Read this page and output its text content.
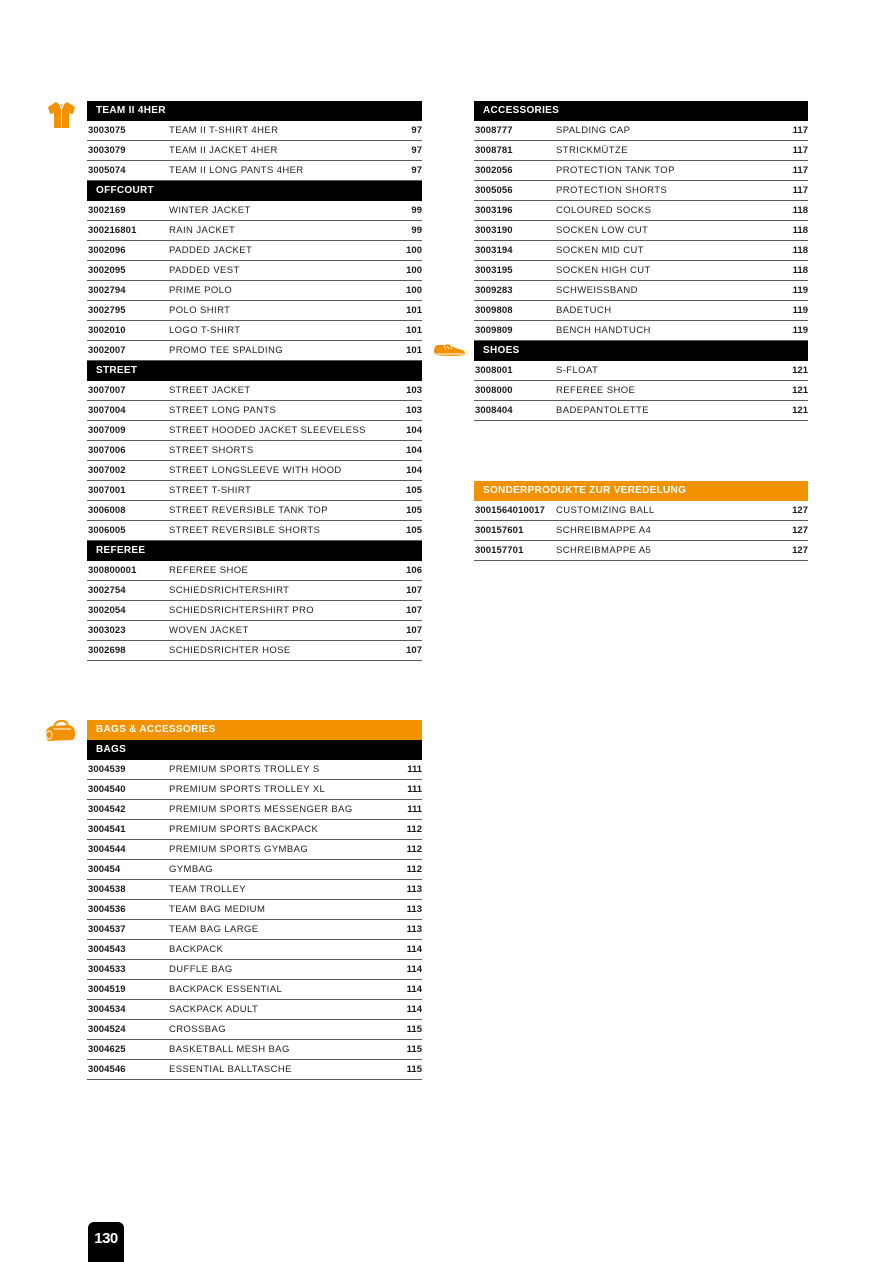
TEAM II 4HER
3003075	TEAM II T-SHIRT 4HER	97
3003079	TEAM II JACKET 4HER	97
3005074	TEAM II LONG PANTS 4HER	97
OFFCOURT
3002169	WINTER JACKET	99
300216801	RAIN JACKET	99
3002096	PADDED JACKET	100
3002095	PADDED VEST	100
3002794	PRIME POLO	100
3002795	POLO SHIRT	101
3002010	LOGO T-SHIRT	101
3002007	PROMO TEE SPALDING	101
STREET
3007007	STREET JACKET	103
3007004	STREET LONG PANTS	103
3007009	STREET HOODED JACKET SLEEVELESS	104
3007006	STREET SHORTS	104
3007002	STREET LONGSLEEVE WITH HOOD	104
3007001	STREET T-SHIRT	105
3006008	STREET REVERSIBLE TANK TOP	105
3006005	STREET REVERSIBLE SHORTS	105
REFEREE
300800001	REFEREE SHOE	106
3002754	SCHIEDSRICHTERSHIRT	107
3002054	SCHIEDSRICHTERSHIRT PRO	107
3003023	WOVEN JACKET	107
3002698	SCHIEDSRICHTER HOSE	107
ACCESSORIES
3008777	SPALDING CAP	117
3008781	STRICKMÜTZE	117
3002056	PROTECTION TANK TOP	117
3005056	PROTECTION SHORTS	117
3003196	COLOURED SOCKS	118
3003190	SOCKEN LOW CUT	118
3003194	SOCKEN MID CUT	118
3003195	SOCKEN HIGH CUT	118
3009283	SCHWEISSBAND	119
3009808	BADETUCH	119
3009809	BENCH HANDTUCH	119
SHOES
3008001	S-FLOAT	121
3008000	REFEREE SHOE	121
3008404	BADEPANTOLETTE	121
SONDERPRODUKTE ZUR VEREDELUNG
3001564010017	CUSTOMIZING BALL	127
300157601	SCHREIBMAPPE A4	127
300157701	SCHREIBMAPPE A5	127
BAGS & ACCESSORIES
BAGS
3004539	PREMIUM SPORTS TROLLEY S	111
3004540	PREMIUM SPORTS TROLLEY XL	111
3004542	PREMIUM SPORTS MESSENGER BAG	111
3004541	PREMIUM SPORTS BACKPACK	112
3004544	PREMIUM SPORTS GYMBAG	112
300454	GYMBAG	112
3004538	TEAM TROLLEY	113
3004536	TEAM BAG MEDIUM	113
3004537	TEAM BAG LARGE	113
3004543	BACKPACK	114
3004533	DUFFLE BAG	114
3004519	BACKPACK ESSENTIAL	114
3004534	SACKPACK ADULT	114
3004524	CROSSBAG	115
3004625	BASKETBALL MESH BAG	115
3004546	ESSENTIAL BALLTASCHE	115
130
